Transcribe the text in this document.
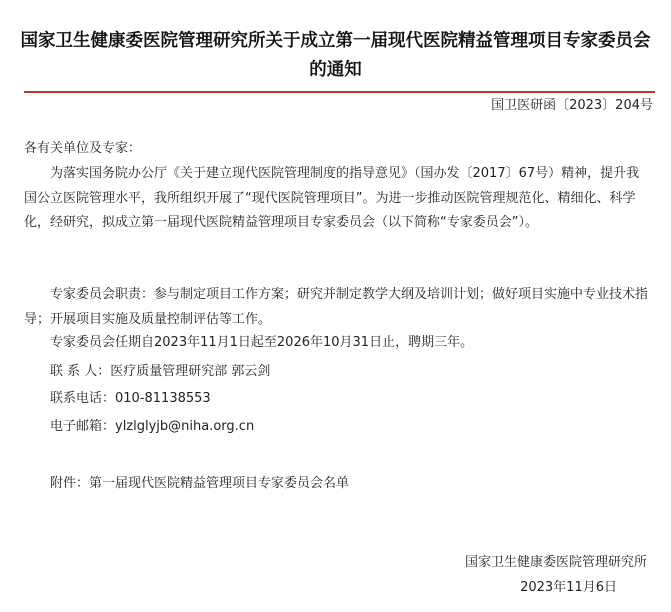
国家卫生健康委医院管理研究所关于成立第一届现代医院精益管理项目专家委员会的通知
国卫医研函〔2023〕204号
各有关单位及专家：
为落实国务院办公厅《关于建立现代医院管理制度的指导意见》（国办发〔2017〕67号）精神，提升我国公立医院管理水平，我所组织开展了“现代医院管理项目”。为进一步推动医院管理规范化、精细化、科学化，经研究，拟成立第一届现代医院精益管理项目专家委员会（以下简称“专家委员会”）。
专家委员会职责：参与制定项目工作方案；研究并制定教学大纲及培训计划；做好项目实施中专业技术指导；开展项目实施及质量控制评估等工作。
专家委员会任期自2023年11月1日起至2026年10月31日止，聘期三年。
联 系 人：医疗质量管理研究部 郭云剑
联系电话：010-81138553
电子邮箱：ylzlglyjb@niha.org.cn
附件：第一届现代医院精益管理项目专家委员会名单
国家卫生健康委医院管理研究所
2023年11月6日
